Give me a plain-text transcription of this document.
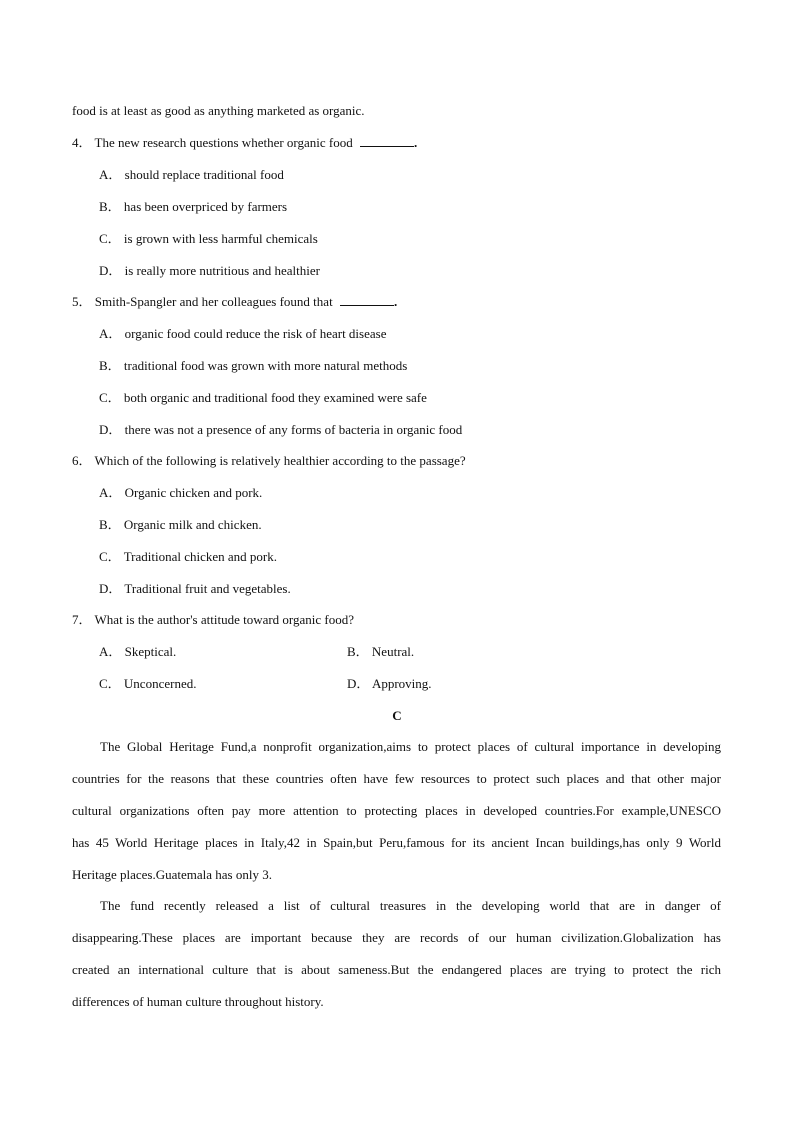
food is at least as good as anything marketed as organic.
4． The new research questions whether organic food	.
A． should replace traditional food
B． has been overpriced by farmers
C． is grown with less harmful chemicals
D． is really more nutritious and healthier
5． Smith-Spangler and her colleagues found that	.
A． organic food could reduce the risk of heart disease
B． traditional food was grown with more natural methods
C． both organic and traditional food they examined were safe
D． there was not a presence of any forms of bacteria in organic food
6． Which of the following is relatively healthier according to the passage?
A． Organic chicken and pork.
B． Organic milk and chicken.
C． Traditional chicken and pork.
D． Traditional fruit and vegetables.
7． What is the author's attitude toward organic food?
A． Skeptical.	B． Neutral.
C． Unconcerned.	D． Approving.
C
The Global Heritage Fund,a nonprofit organization,aims to protect places of cultural importance in developing
countries for the reasons that these countries often have few resources to protect such places and that other major
cultural organizations often pay more attention to protecting places in developed countries.For example,UNESCO
has 45 World Heritage places in Italy,42 in Spain,but Peru,famous for its ancient Incan buildings,has only 9 World
Heritage places.Guatemala has only 3.
The fund recently released a list of cultural treasures in the developing world that are in danger of
disappearing.These places are important because they are records of our human civilization.Globalization has
created an international culture that is about sameness.But the endangered places are trying to protect the rich
differences of human culture throughout history.
